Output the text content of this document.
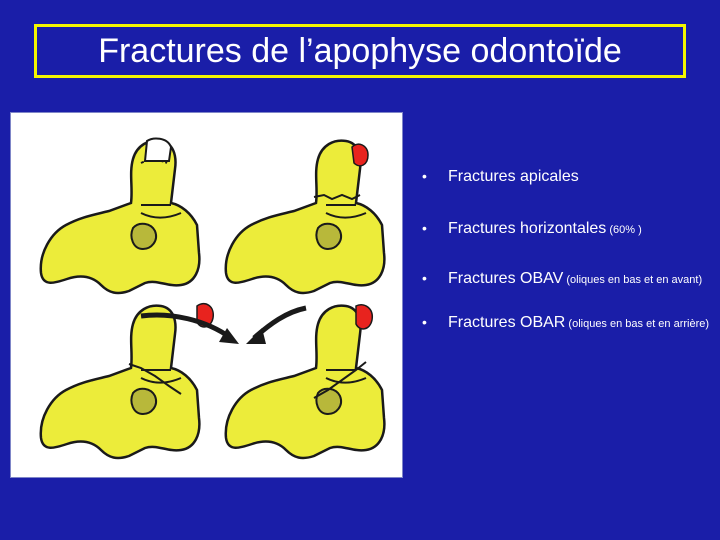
Fractures de l’apophyse odontoïde
• Fractures apicales
• Fractures horizontales (60% )
• Fractures OBAV (oliques en bas et en avant)
• Fractures OBAR (oliques en bas et en arrière)
